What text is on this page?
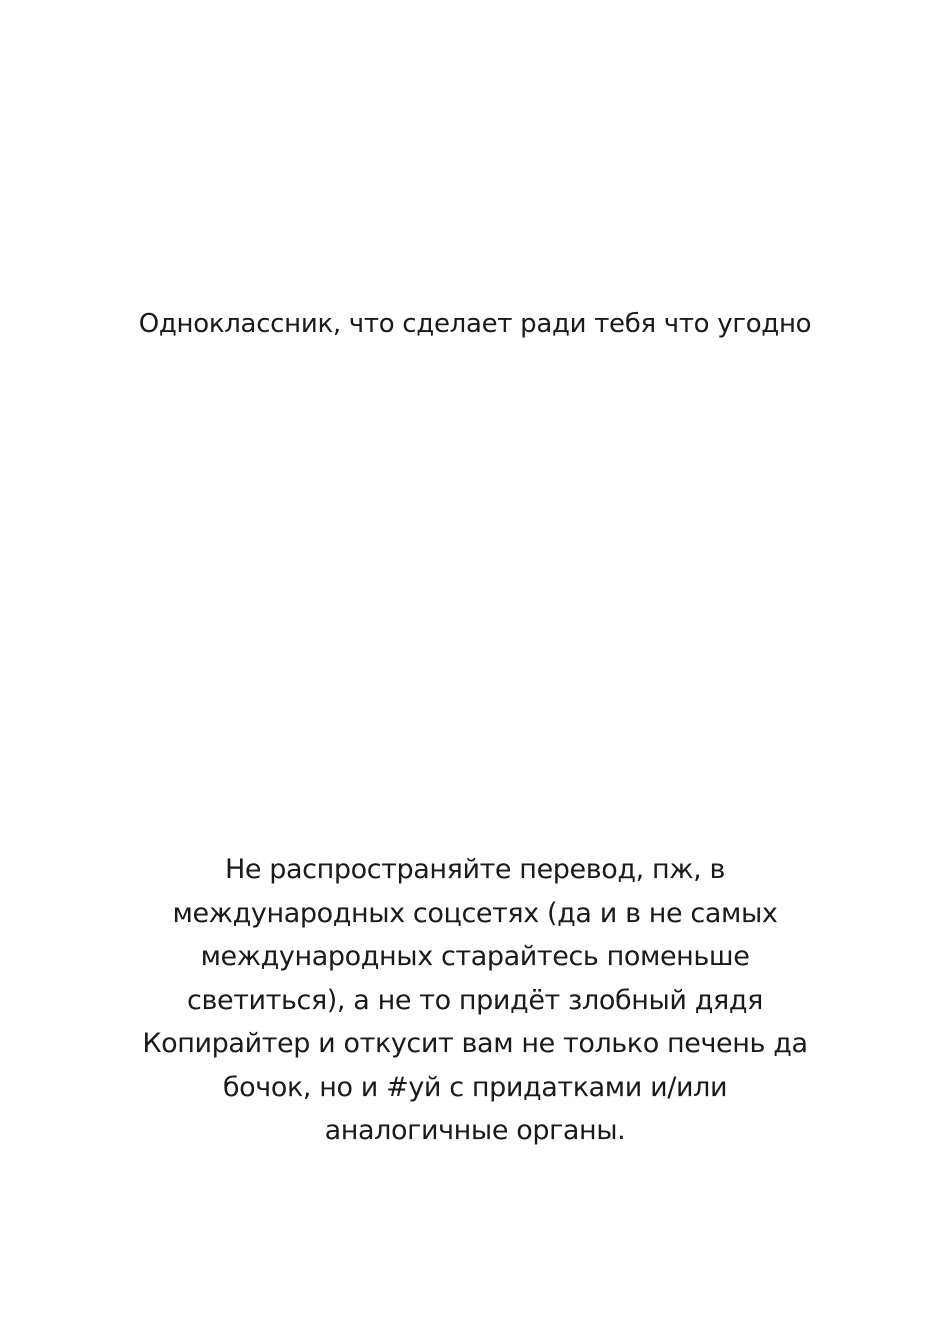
Одноклассник, что сделает ради тебя что угодно

Не распространяйте перевод, пж, в
международных соцсетях (да и в не самых
международных старайтесь поменьше
светиться), а не то придёт злобный дядя
Копирайтер и откусит вам не только печень да
бочок, но и #уй с придатками и/или
аналогичные органы.
